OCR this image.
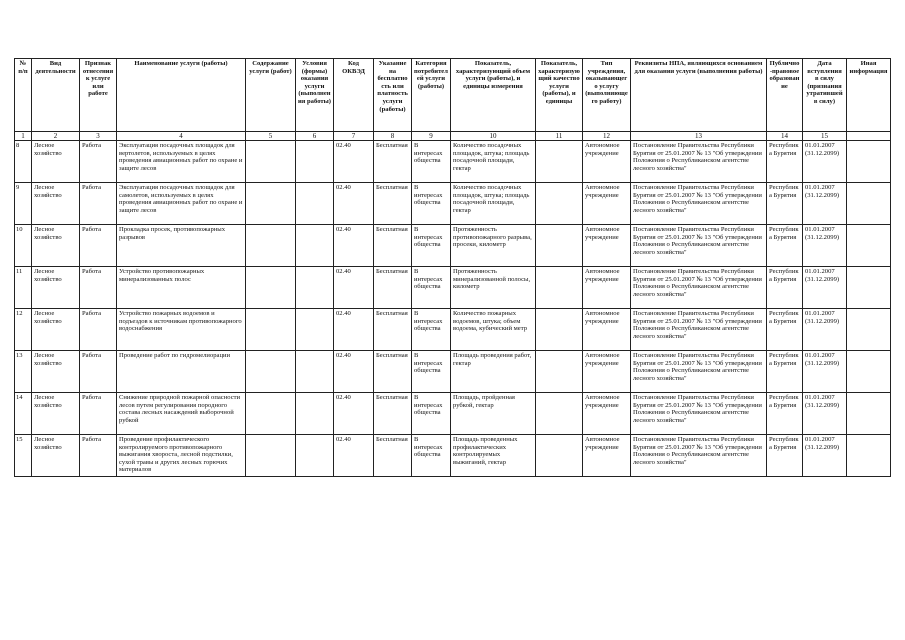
№ п/п	Вид деятельности	Признак отнесения к услуге или работе	Наименование услуги (работы)	Содержание услуги (работ)	Условия (формы) оказания услуги (выполнения работы)	Код ОКВЭД	Указание на бесплатность или платность услуги (работы)	Категория потребителей услуги (работы)	Показатель, характеризующий объем услуги (работы), и единицы измерения	Показатель, характеризующий качество услуги (работы), и единицы	Тип учреждения, оказывающего услугу (выполняющего работу)	Реквизиты НПА, являющихся основанием для оказания услуги (выполнения работы)	Публично-правовое образование	Дата вступления в силу (признания утратившей в силу)	Иная информация
1	2	3	4	5	6	7	8	9	10	11	12	13	14	15	
8	Лесное хозяйство	Работа	Эксплуатация посадочных площадок для вертолетов, используемых в целях проведения авиационных работ по охране и защите лесов			02.40	Бесплатная	В интересах общества	Количество посадочных площадок, штука; площадь посадочной площади, гектар		Автономное учреждение	Постановление Правительства Республики Бурятия от 25.01.2007 № 13 "Об утверждении Положения о Республиканском агентстве лесного хозяйства"	Республика Бурятия	01.01.2007 (31.12.2099)	
9	Лесное хозяйство	Работа	Эксплуатация посадочных площадок для самолетов, используемых в целях проведения авиационных работ по охране и защите лесов			02.40	Бесплатная	В интересах общества	Количество посадочных площадок, штука; площадь посадочной площади, гектар		Автономное учреждение	Постановление Правительства Республики Бурятия от 25.01.2007 № 13 "Об утверждении Положения о Республиканском агентстве лесного хозяйства"	Республика Бурятия	01.01.2007 (31.12.2099)	
10	Лесное хозяйство	Работа	Прокладка просек, противопожарных разрывов			02.40	Бесплатная	В интересах общества	Протяженность противопожарного разрыва, просеки, километр		Автономное учреждение	Постановление Правительства Республики Бурятия от 25.01.2007 № 13 "Об утверждении Положения о Республиканском агентстве лесного хозяйства"	Республика Бурятия	01.01.2007 (31.12.2099)	
11	Лесное хозяйство	Работа	Устройство противопожарных минерализованных полос			02.40	Бесплатная	В интересах общества	Протяженность минерализованной полосы, километр		Автономное учреждение	Постановление Правительства Республики Бурятия от 25.01.2007 № 13 "Об утверждении Положения о Республиканском агентстве лесного хозяйства"	Республика Бурятия	01.01.2007 (31.12.2099)	
12	Лесное хозяйство	Работа	Устройство пожарных водоемов и подъездов к источникам противопожарного водоснабжения			02.40	Бесплатная	В интересах общества	Количество пожарных водоемов, штука; объем водоема, кубический метр		Автономное учреждение	Постановление Правительства Республики Бурятия от 25.01.2007 № 13 "Об утверждении Положения о Республиканском агентстве лесного хозяйства"	Республика Бурятия	01.01.2007 (31.12.2099)	
13	Лесное хозяйство	Работа	Проведение работ по гидромелиорации			02.40	Бесплатная	В интересах общества	Площадь проведения работ, гектар		Автономное учреждение	Постановление Правительства Республики Бурятия от 25.01.2007 № 13 "Об утверждении Положения о Республиканском агентстве лесного хозяйства"	Республика Бурятия	01.01.2007 (31.12.2099)	
14	Лесное хозяйство	Работа	Снижение природной пожарной опасности лесов путем регулирования породного состава лесных насаждений выборочной рубкой			02.40	Бесплатная	В интересах общества	Площадь, пройденная рубкой, гектар		Автономное учреждение	Постановление Правительства Республики Бурятия от 25.01.2007 № 13 "Об утверждении Положения о Республиканском агентстве лесного хозяйства"	Республика Бурятия	01.01.2007 (31.12.2099)	
15	Лесное хозяйство	Работа	Проведение профилактического контролируемого противопожарного выжигания хвороста, лесной подстилки, сухой травы и других лесных горючих материалов			02.40	Бесплатная	В интересах общества	Площадь проведенных профилактических контролируемых выжиганий, гектар		Автономное учреждение	Постановление Правительства Республики Бурятия от 25.01.2007 № 13 "Об утверждении Положения о Республиканском агентстве лесного хозяйства"	Республика Бурятия	01.01.2007 (31.12.2099)	
